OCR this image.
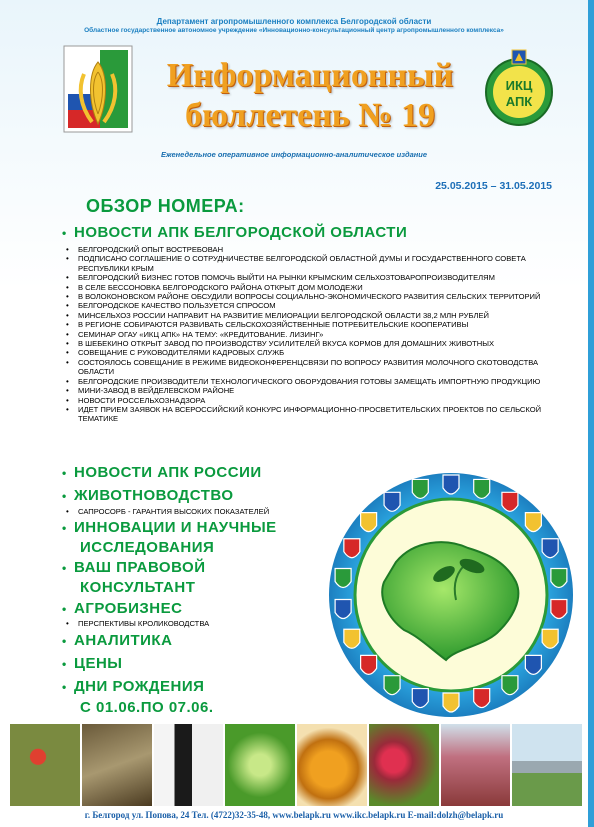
Департамент агропромышленного комплекса Белгородской области
Областное государственное автономное учреждение «Инновационно-консультационный центр агропромышленного комплекса»
Информационный
бюллетень № 19
ИКЦ
АПК
Еженедельное оперативное информационно-аналитическое издание
25.05.2015 – 31.05.2015
ОБЗОР НОМЕРА:
• НОВОСТИ АПК БЕЛГОРОДСКОЙ ОБЛАСТИ
• БЕЛГОРОДСКИЙ ОПЫТ ВОСТРЕБОВАН
• ПОДПИСАНО СОГЛАШЕНИЕ О СОТРУДНИЧЕСТВЕ БЕЛГОРОДСКОЙ ОБЛАСТНОЙ ДУМЫ И ГОСУДАРСТВЕННОГО СОВЕТА РЕСПУБЛИКИ КРЫМ
• БЕЛГОРОДСКИЙ БИЗНЕС ГОТОВ ПОМОЧЬ ВЫЙТИ НА РЫНКИ КРЫМСКИМ СЕЛЬХОЗТОВАРОПРОИЗВОДИТЕЛЯМ
• В СЕЛЕ БЕССОНОВКА БЕЛГОРОДСКОГО РАЙОНА ОТКРЫТ ДОМ МОЛОДЕЖИ
• В ВОЛОКОНОВСКОМ РАЙОНЕ ОБСУДИЛИ ВОПРОСЫ СОЦИАЛЬНО-ЭКОНОМИЧЕСКОГО РАЗВИТИЯ СЕЛЬСКИХ ТЕРРИТОРИЙ
• БЕЛГОРОДСКОЕ КАЧЕСТВО ПОЛЬЗУЕТСЯ СПРОСОМ
• МИНСЕЛЬХОЗ РОССИИ НАПРАВИТ НА РАЗВИТИЕ МЕЛИОРАЦИИ БЕЛГОРОДСКОЙ ОБЛАСТИ 38,2 МЛН РУБЛЕЙ
• В РЕГИОНЕ СОБИРАЮТСЯ РАЗВИВАТЬ СЕЛЬСКОХОЗЯЙСТВЕННЫЕ ПОТРЕБИТЕЛЬСКИЕ КООПЕРАТИВЫ
• СЕМИНАР ОГАУ «ИКЦ АПК» НА ТЕМУ: «КРЕДИТОВАНИЕ. ЛИЗИНГ»
• В ШЕБЕКИНО ОТКРЫТ ЗАВОД ПО ПРОИЗВОДСТВУ УСИЛИТЕЛЕЙ ВКУСА КОРМОВ ДЛЯ ДОМАШНИХ ЖИВОТНЫХ
• СОВЕЩАНИЕ С РУКОВОДИТЕЛЯМИ КАДРОВЫХ СЛУЖБ
• СОСТОЯЛОСЬ СОВЕЩАНИЕ В РЕЖИМЕ ВИДЕОКОНФЕРЕНЦСВЯЗИ ПО ВОПРОСУ РАЗВИТИЯ МОЛОЧНОГО СКОТОВОДСТВА ОБЛАСТИ
• БЕЛГОРОДСКИЕ ПРОИЗВОДИТЕЛИ ТЕХНОЛОГИЧЕСКОГО ОБОРУДОВАНИЯ ГОТОВЫ ЗАМЕЩАТЬ ИМПОРТНУЮ ПРОДУКЦИЮ
• МИНИ-ЗАВОД В ВЕЙДЕЛЕВСКОМ РАЙОНЕ
• НОВОСТИ РОССЕЛЬХОЗНАДЗОРА
• ИДЕТ ПРИЕМ ЗАЯВОК НА ВСЕРОССИЙСКИЙ КОНКУРС ИНФОРМАЦИОННО-ПРОСВЕТИТЕЛЬСКИХ ПРОЕКТОВ ПО СЕЛЬСКОЙ ТЕМАТИКЕ
• НОВОСТИ АПК РОССИИ
• ЖИВОТНОВОДСТВО
• САПРОСОРБ - ГАРАНТИЯ ВЫСОКИХ ПОКАЗАТЕЛЕЙ
• ИННОВАЦИИ И НАУЧНЫЕ
ИССЛЕДОВАНИЯ
• ВАШ ПРАВОВОЙ
КОНСУЛЬТАНТ
• АГРОБИЗНЕС
• ПЕРСПЕКТИВЫ КРОЛИКОВОДСТВА
• АНАЛИТИКА
• ЦЕНЫ
• ДНИ РОЖДЕНИЯ
С 01.06.ПО 07.06.
г. Белгород ул. Попова, 24 Тел. (4722)32-35-48, www.belapk.ru www.ikc.belapk.ru E-mail:dolzh@belapk.ru
